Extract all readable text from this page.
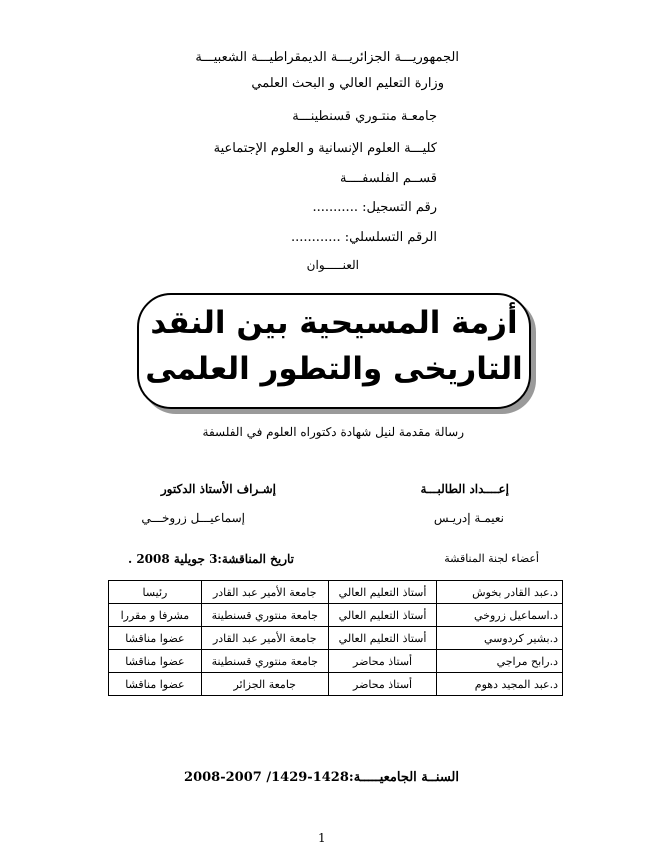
الجمهوريـــة الجزائريـــة الديمقراطيـــة الشعبيـــة
وزارة التعليم العالي و البحث العلمي
جامعـة منتـوري قسنطينـــة
كليـــة العلوم الإنسانية و العلوم الإجتماعية
قســم الفلسفــــة
رقم التسجيل: ...........
الرقم التسلسلي: ............
العنـــــوان
أزمة المسيحية بين النقد
التاريخى والتطور العلمى
رسالة مقدمة لنيل شهادة دكتوراه العلوم في الفلسفة
إعــــداد الطالبـــة
نعيمـة إدريـس
إشـراف الأستاذ الدكتور
إسماعيـــل زروخـــي
أعضاء لجنة المناقشة
تاريخ المناقشة:3 جويلية 2008 .
د.عبد القادر بخوش	أستاذ التعليم العالي	جامعة الأمير عبد القادر	رئيسا
د.اسماعيل زروخي	أستاذ التعليم العالي	جامعة منتوري قسنطينة	مشرفا و مقررا
د.بشير كردوسي	أستاذ التعليم العالي	جامعة الأمير عبد القادر	عضوا مناقشا
د.رابح مراجي	أستاذ محاضر	جامعة منتوري قسنطينة	عضوا مناقشا
د.عبد المجيد دهوم	أستاذ محاضر	جامعة الجزائر	عضوا مناقشا
السنــة الجامعيـــــة:1428-1429/ 2007-2008
1
